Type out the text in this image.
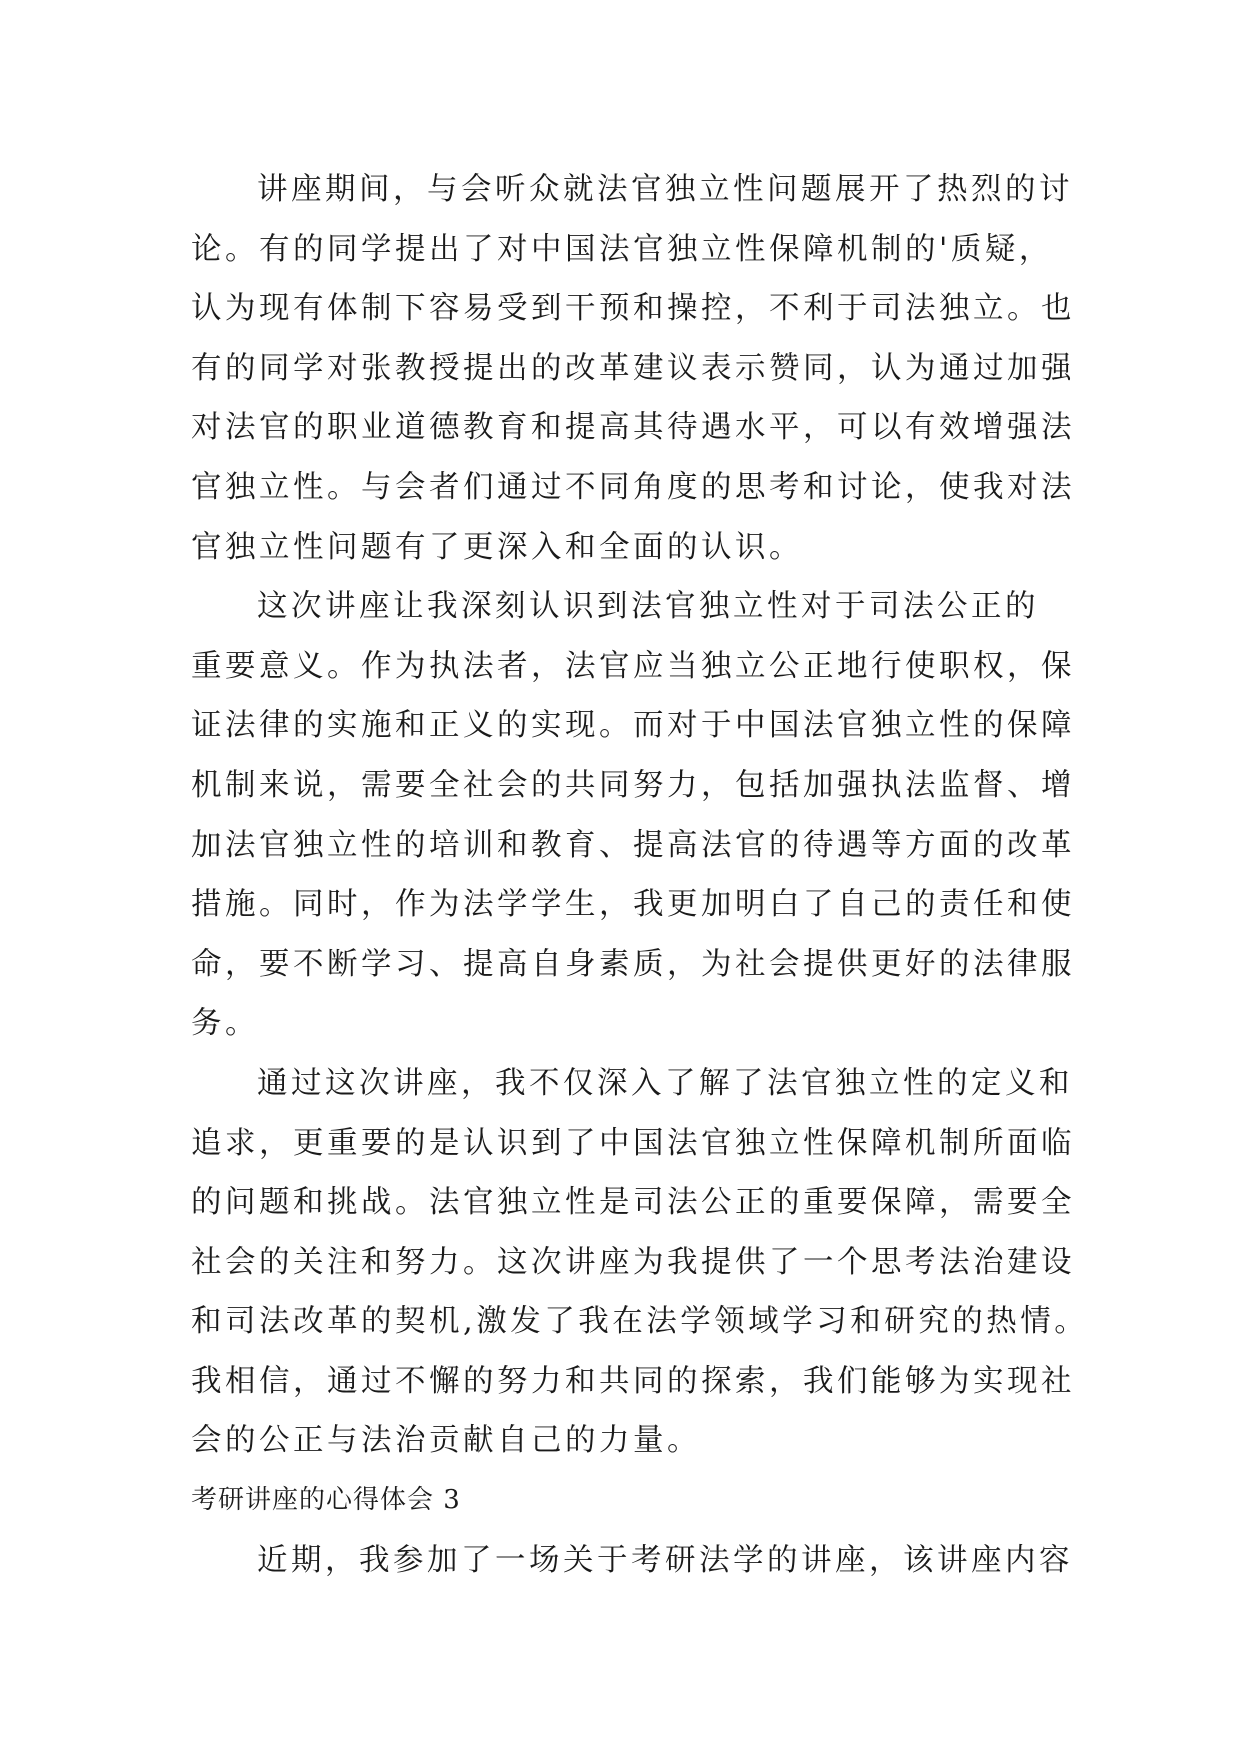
讲座期间，与会听众就法官独立性问题展开了热烈的讨
论。有的同学提出了对中国法官独立性保障机制的'质疑，
认为现有体制下容易受到干预和操控，不利于司法独立。也
有的同学对张教授提出的改革建议表示赞同，认为通过加强
对法官的职业道德教育和提高其待遇水平，可以有效增强法
官独立性。与会者们通过不同角度的思考和讨论，使我对法
官独立性问题有了更深入和全面的认识。
这次讲座让我深刻认识到法官独立性对于司法公正的
重要意义。作为执法者，法官应当独立公正地行使职权，保
证法律的实施和正义的实现。而对于中国法官独立性的保障
机制来说，需要全社会的共同努力，包括加强执法监督、增
加法官独立性的培训和教育、提高法官的待遇等方面的改革
措施。同时，作为法学学生，我更加明白了自己的责任和使
命，要不断学习、提高自身素质，为社会提供更好的法律服
务。
通过这次讲座，我不仅深入了解了法官独立性的定义和
追求，更重要的是认识到了中国法官独立性保障机制所面临
的问题和挑战。法官独立性是司法公正的重要保障，需要全
社会的关注和努力。这次讲座为我提供了一个思考法治建设
和司法改革的契机,激发了我在法学领域学习和研究的热情。
我相信，通过不懈的努力和共同的探索，我们能够为实现社
会的公正与法治贡献自己的力量。
考研讲座的心得体会 3
近期，我参加了一场关于考研法学的讲座，该讲座内容
